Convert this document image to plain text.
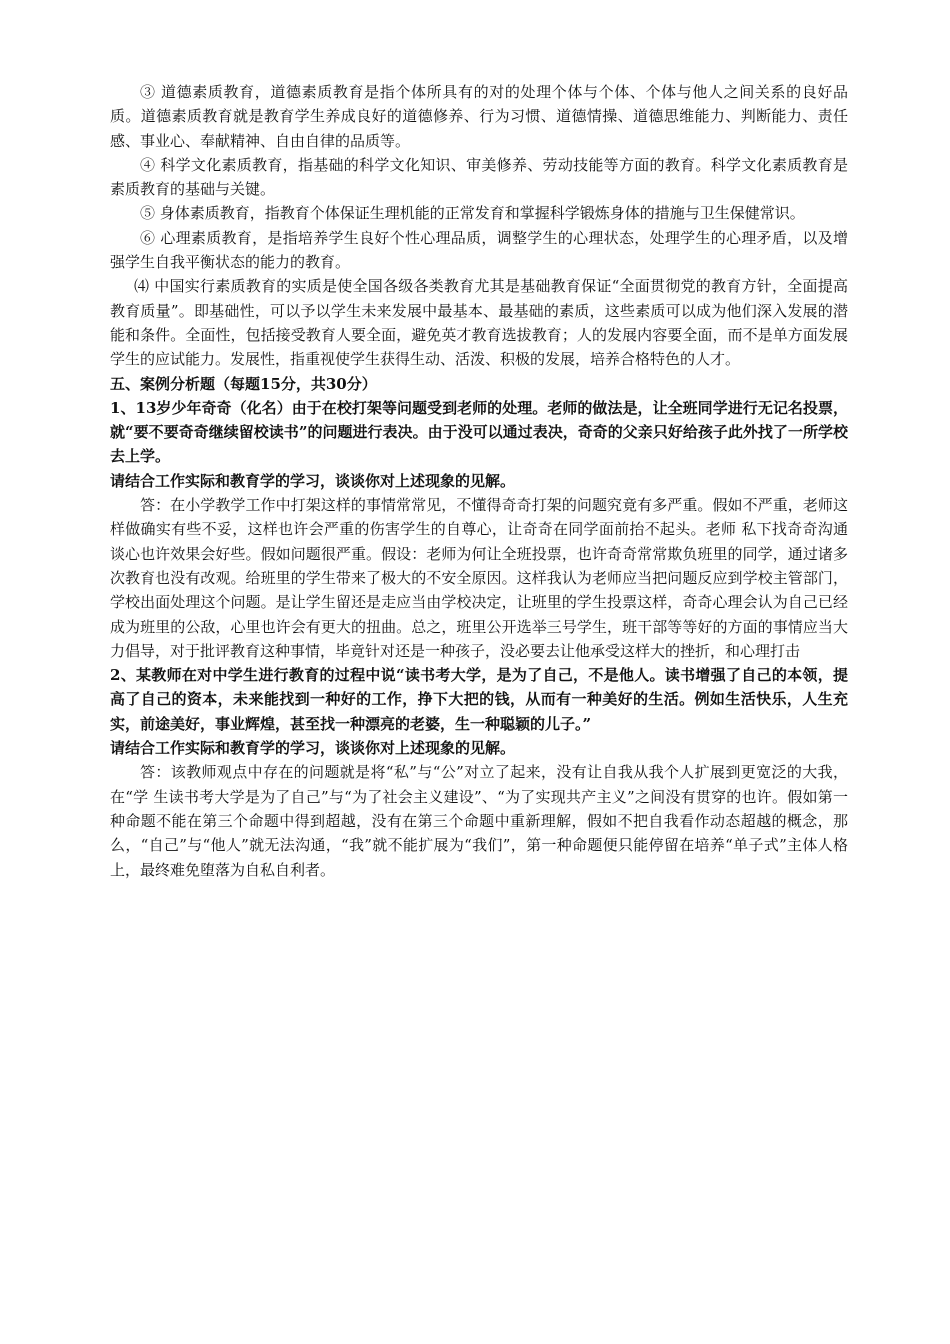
③ 道德素质教育，道德素质教育是指个体所具有的对的处理个体与个体、个体与他人之间关系的良好品质。道德素质教育就是教育学生养成良好的道德修养、行为习惯、道德情操、道德思维能力、判断能力、责任感、事业心、奉献精神、自由自律的品质等。

④ 科学文化素质教育，指基础的科学文化知识、审美修养、劳动技能等方面的教育。科学文化素质教育是素质教育的基础与关键。

⑤ 身体素质教育，指教育个体保证生理机能的正常发育和掌握科学锻炼身体的措施与卫生保健常识。

⑥ 心理素质教育，是指培养学生良好个性心理品质，调整学生的心理状态，处理学生的心理矛盾，以及增强学生自我平衡状态的能力的教育。

⑷ 中国实行素质教育的实质是使全国各级各类教育尤其是基础教育保证“全面贯彻党的教育方针，全面提高教育质量”。即基础性，可以予以学生未来发展中最基本、最基础的素质，这些素质可以成为他们深入发展的潜能和条件。全面性，包括接受教育人要全面，避免英才教育选拔教育；人的发展内容要全面，而不是单方面发展学生的应试能力。发展性，指重视使学生获得生动、活泼、积极的发展，培养合格特色的人才。

五、案例分析题（每题15分，共30分）

1、13岁少年奇奇（化名）由于在校打架等问题受到老师的处理。老师的做法是，让全班同学进行无记名投票，就“要不要奇奇继续留校读书”的问题进行表决。由于没可以通过表决，奇奇的父亲只好给孩子此外找了一所学校去上学。

请结合工作实际和教育学的学习，谈谈你对上述现象的见解。

答：在小学教学工作中打架这样的事情常常见，不懂得奇奇打架的问题究竟有多严重。假如不严重，老师这样做确实有些不妥，这样也许会严重的伤害学生的自尊心，让奇奇在同学面前抬不起头。老师 私下找奇奇沟通谈心也许效果会好些。假如问题很严重。假设：老师为何让全班投票，也许奇奇常常欺负班里的同学，通过诸多次教育也没有改观。给班里的学生带来了极大的不安全原因。这样我认为老师应当把问题反应到学校主管部门，学校出面处理这个问题。是让学生留还是走应当由学校决定，让班里的学生投票这样，奇奇心理会认为自己已经成为班里的公敌，心里也许会有更大的扭曲。总之，班里公开选举三号学生，班干部等等好的方面的事情应当大力倡导，对于批评教育这种事情，毕竟针对还是一种孩子，没必要去让他承受这样大的挫折，和心理打击

2、某教师在对中学生进行教育的过程中说“读书考大学，是为了自己，不是他人。读书增强了自己的本领，提高了自己的资本，未来能找到一种好的工作，挣下大把的钱，从而有一种美好的生活。例如生活快乐，人生充实，前途美好，事业辉煌，甚至找一种漂亮的老婆，生一种聪颖的儿子。”

请结合工作实际和教育学的学习，谈谈你对上述现象的见解。

答：该教师观点中存在的问题就是将“私”与“公”对立了起来，没有让自我从我个人扩展到更宽泛的大我，在“学 生读书考大学是为了自己”与“为了社会主义建设”、“为了实现共产主义”之间没有贯穿的也许。假如第一种命题不能在第三个命题中得到超越，没有在第三个命题中重新理解，假如不把自我看作动态超越的概念，那么，“自己”与“他人”就无法沟通，“我”就不能扩展为“我们”，第一种命题便只能停留在培养“单子式”主体人格上，最终难免堕落为自私自利者。
